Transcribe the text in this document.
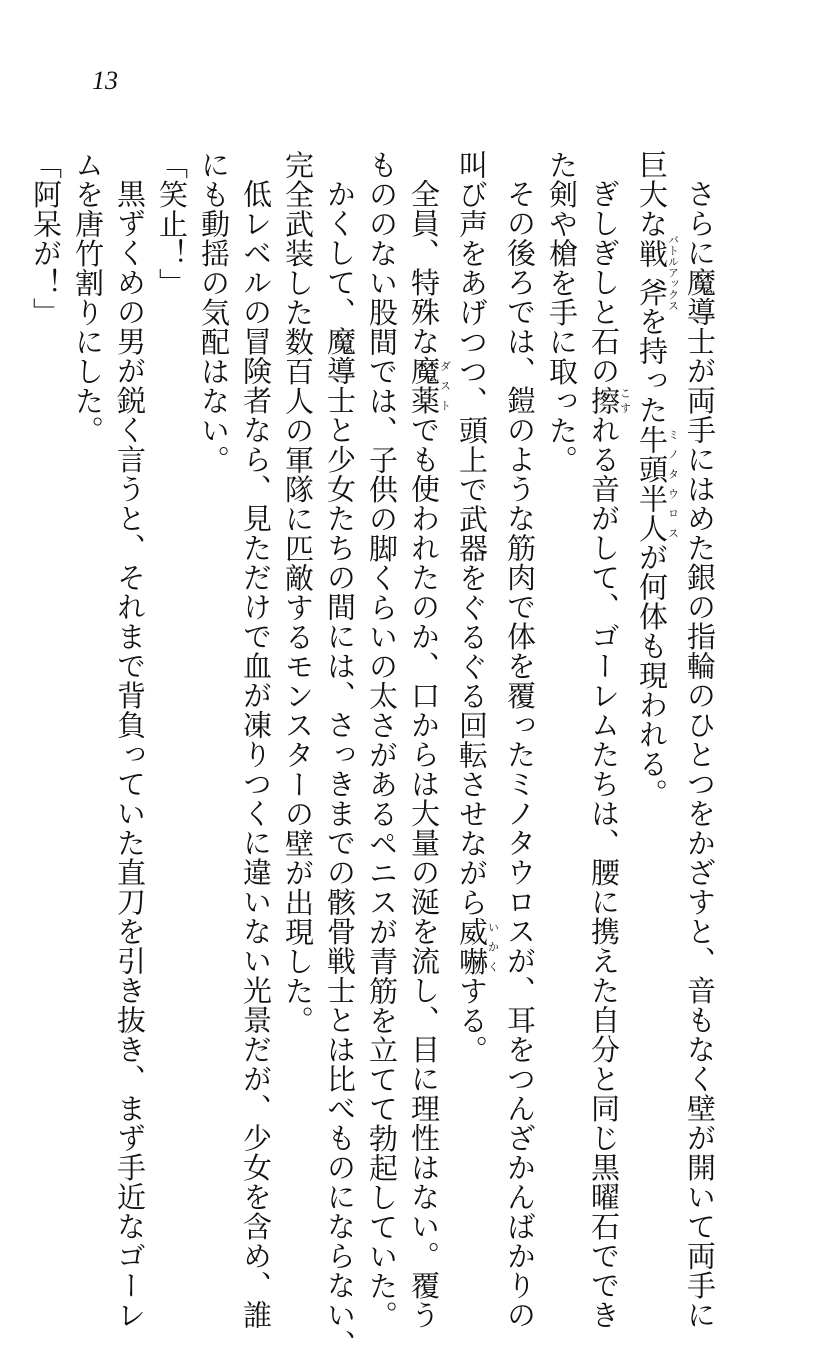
13
さらに魔導士が両手にはめた銀の指輪のひとつをかざすと、音もなく壁が開いて両手に
巨大な戦斧バトルアックスを持った牛頭半人ミノタウロスが何体も現われる。
ぎしぎしと石の擦こすれる音がして、ゴーレムたちは、腰に携えた自分と同じ黒曜石ででき
た剣や槍を手に取った。
その後ろでは、鎧のような筋肉で体を覆ったミノタウロスが、耳をつんざかんばかりの
叫び声をあげつつ、頭上で武器をぐるぐる回転させながら威嚇いかくする。
全員、特殊な魔薬ダストでも使われたのか、口からは大量の涎を流し、目に理性はない。覆う
もののない股間では、子供の脚くらいの太さがあるペニスが青筋を立てて勃起していた。
かくして、魔導士と少女たちの間には、さっきまでの骸骨戦士とは比べものにならない、
完全武装した数百人の軍隊に匹敵するモンスターの壁が出現した。
低レベルの冒険者なら、見ただけで血が凍りつくに違いない光景だが、少女を含め、誰
にも動揺の気配はない。
「笑止！」
黒ずくめの男が鋭く言うと、それまで背負っていた直刀を引き抜き、まず手近なゴーレ
ムを唐竹割りにした。
「阿呆が！」
